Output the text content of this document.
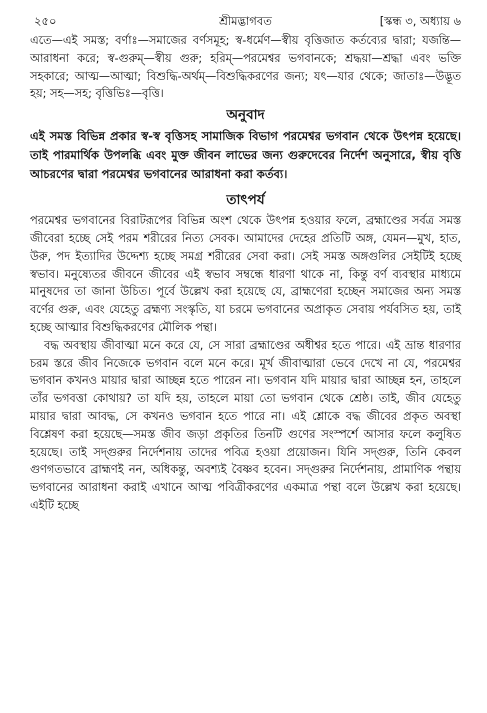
২৫০	শ্রীমদ্ভাগবত	[স্কন্ধ ৩, অধ্যায় ৬

এতে—এই সমস্ত; বর্ণাঃ—সমাজের বর্ণসমূহ; স্ব-ধর্মেণ—স্বীয় বৃত্তিজাত কর্তব্যের দ্বারা; যজন্তি—আরাধনা করে; স্ব-গুরুম্—স্বীয় গুরু; হরিম্—পরমেশ্বর ভগবানকে; শ্রদ্ধয়া—শ্রদ্ধা এবং ভক্তি সহকারে; আত্ম—আত্মা; বিশুদ্ধি-অর্থম্—বিশুদ্ধিকরণের জন্য; যৎ—যার থেকে; জাতাঃ—উদ্ভূত হয়; সহ—সহ; বৃত্তিভিঃ—বৃত্তি।

অনুবাদ

এই সমস্ত বিভিন্ন প্রকার স্ব-স্ব বৃত্তিসহ সামাজিক বিভাগ পরমেশ্বর ভগবান থেকে উৎপন্ন হয়েছে। তাই পারমার্থিক উপলব্ধি এবং মুক্ত জীবন লাভের জন্য গুরুদেবের নির্দেশ অনুসারে, স্বীয় বৃত্তি আচরণের দ্বারা পরমেশ্বর ভগবানের আরাধনা করা কর্তব্য।

তাৎপর্য

পরমেশ্বর ভগবানের বিরাটরূপের বিভিন্ন অংশ থেকে উৎপন্ন হওয়ার ফলে, ব্রহ্মাণ্ডের সর্বত্র সমস্ত জীবেরা হচ্ছে সেই পরম শরীরের নিত্য সেবক। আমাদের দেহের প্রতিটি অঙ্গ, যেমন—মুখ, হাত, উরু, পদ ইত্যাদির উদ্দেশ্য হচ্ছে সমগ্র শরীরের সেবা করা। সেই সমস্ত অঙ্গগুলির সেইটিই হচ্ছে স্বভাব। মনুষ্যেতর জীবনে জীবের এই স্বভাব সম্বন্ধে ধারণা থাকে না, কিন্তু বর্ণ ব্যবস্থার মাধ্যমে মানুষদের তা জানা উচিত। পূর্বে উল্লেখ করা হয়েছে যে, ব্রাহ্মণেরা হচ্ছেন সমাজের অন্য সমস্ত বর্ণের গুরু, এবং যেহেতু ব্রহ্মণ্য সংস্কৃতি, যা চরমে ভগবানের অপ্রাকৃত সেবায় পর্যবসিত হয়, তাই হচ্ছে আত্মার বিশুদ্ধিকরণের মৌলিক পন্থা।

বদ্ধ অবস্থায় জীবাত্মা মনে করে যে, সে সারা ব্রহ্মাণ্ডের অধীশ্বর হতে পারে। এই ভ্রান্ত ধারণার চরম স্তরে জীব নিজেকে ভগবান বলে মনে করে। মূর্খ জীবাত্মারা ভেবে দেখে না যে, পরমেশ্বর ভগবান কখনও মায়ার দ্বারা আচ্ছন্ন হতে পারেন না। ভগবান যদি মায়ার দ্বারা আচ্ছন্ন হন, তাহলে তাঁর ভগবত্তা কোথায়? তা যদি হয়, তাহলে মায়া তো ভগবান থেকে শ্রেষ্ঠ। তাই, জীব যেহেতু মায়ার দ্বারা আবদ্ধ, সে কখনও ভগবান হতে পারে না। এই শ্লোকে বদ্ধ জীবের প্রকৃত অবস্থা বিশ্লেষণ করা হয়েছে—সমস্ত জীব জড়া প্রকৃতির তিনটি গুণের সংস্পর্শে আসার ফলে কলুষিত হয়েছে। তাই সদ্‌গুরুর নির্দেশনায় তাদের পবিত্র হওয়া প্রয়োজন। যিনি সদ্‌গুরু, তিনি কেবল গুণগতভাবে ব্রাহ্মণই নন, অধিকন্তু, অবশ্যই বৈষ্ণব হবেন। সদ্‌গুরুর নির্দেশনায়, প্রামাণিক পন্থায় ভগবানের আরাধনা করাই এখানে আত্ম পবিত্রীকরণের একমাত্র পন্থা বলে উল্লেখ করা হয়েছে। এইটি হচ্ছে
